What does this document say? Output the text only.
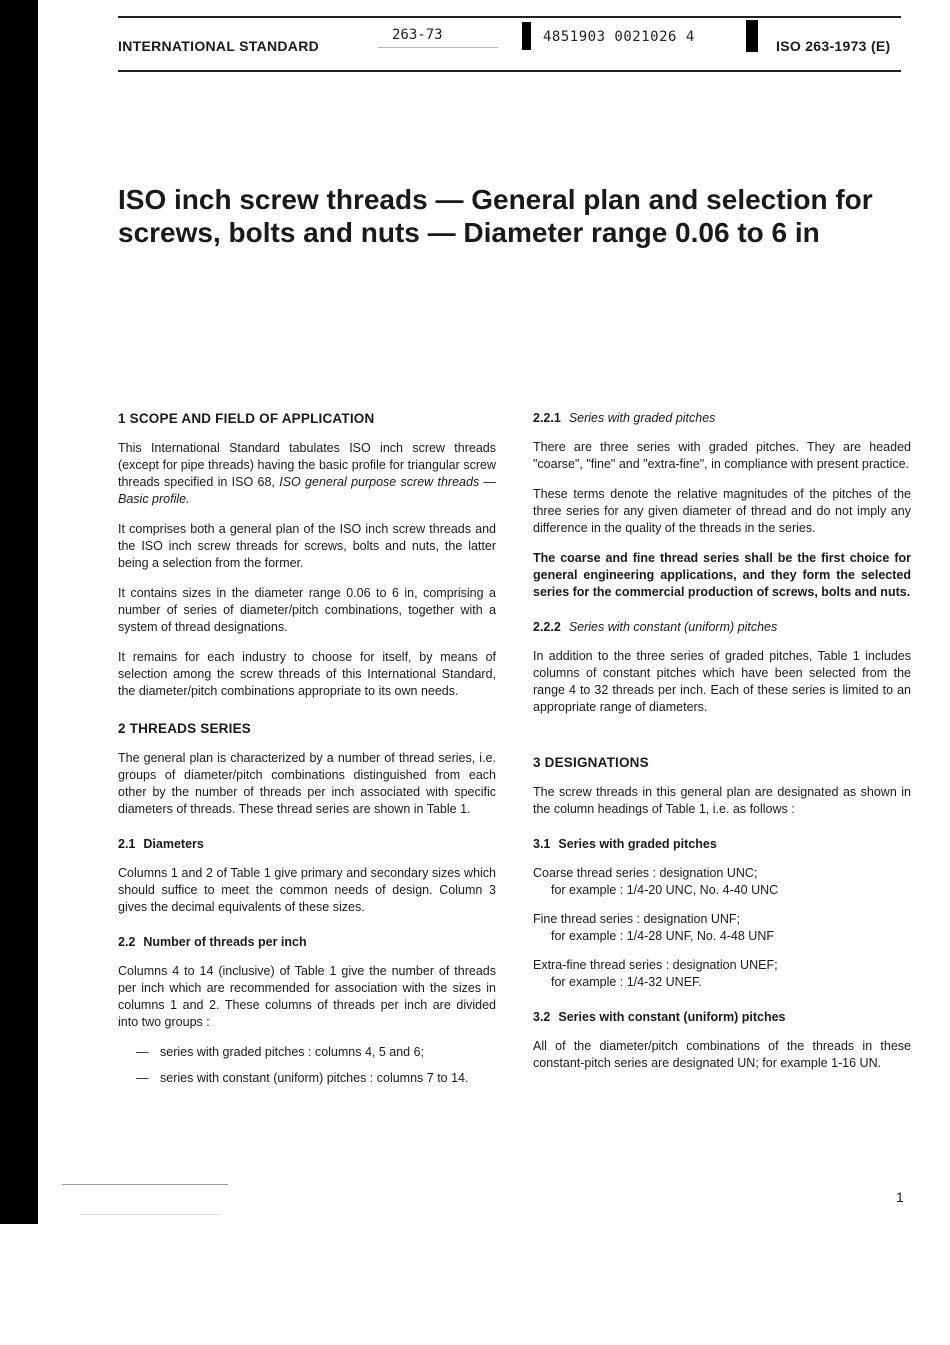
INTERNATIONAL STANDARD
263-73	4851903 0021026 4
ISO 263-1973 (E)
ISO inch screw threads — General plan and selection for
screws, bolts and nuts — Diameter range 0.06 to 6 in
1 SCOPE AND FIELD OF APPLICATION

This International Standard tabulates ISO inch screw threads (except for pipe threads) having the basic profile for triangular screw threads specified in ISO 68, ISO general purpose screw threads — Basic profile.

It comprises both a general plan of the ISO inch screw threads and the ISO inch screw threads for screws, bolts and nuts, the latter being a selection from the former.

It contains sizes in the diameter range 0.06 to 6 in, comprising a number of series of diameter/pitch combinations, together with a system of thread designations.

It remains for each industry to choose for itself, by means of selection among the screw threads of this International Standard, the diameter/pitch combinations appropriate to its own needs.

2 THREADS SERIES

The general plan is characterized by a number of thread series, i.e. groups of diameter/pitch combinations distinguished from each other by the number of threads per inch associated with specific diameters of threads. These thread series are shown in Table 1.

2.1 Diameters

Columns 1 and 2 of Table 1 give primary and secondary sizes which should suffice to meet the common needs of design. Column 3 gives the decimal equivalents of these sizes.

2.2 Number of threads per inch

Columns 4 to 14 (inclusive) of Table 1 give the number of threads per inch which are recommended for association with the sizes in columns 1 and 2. These columns of threads per inch are divided into two groups :

— series with graded pitches : columns 4, 5 and 6;
— series with constant (uniform) pitches : columns 7 to 14.
2.2.1 Series with graded pitches

There are three series with graded pitches. They are headed "coarse", "fine" and "extra-fine", in compliance with present practice.

These terms denote the relative magnitudes of the pitches of the three series for any given diameter of thread and do not imply any difference in the quality of the threads in the series.

The coarse and fine thread series shall be the first choice for general engineering applications, and they form the selected series for the commercial production of screws, bolts and nuts.

2.2.2 Series with constant (uniform) pitches

In addition to the three series of graded pitches, Table 1 includes columns of constant pitches which have been selected from the range 4 to 32 threads per inch. Each of these series is limited to an appropriate range of diameters.

3 DESIGNATIONS

The screw threads in this general plan are designated as shown in the column headings of Table 1, i.e. as follows :

3.1 Series with graded pitches
Coarse thread series : designation UNC;
for example : 1/4-20 UNC, No. 4-40 UNC
Fine thread series : designation UNF;
for example : 1/4-28 UNF, No. 4-48 UNF
Extra-fine thread series : designation UNEF;
for example : 1/4-32 UNEF.
3.2 Series with constant (uniform) pitches

All of the diameter/pitch combinations of the threads in these constant-pitch series are designated UN; for example 1-16 UN.

1
